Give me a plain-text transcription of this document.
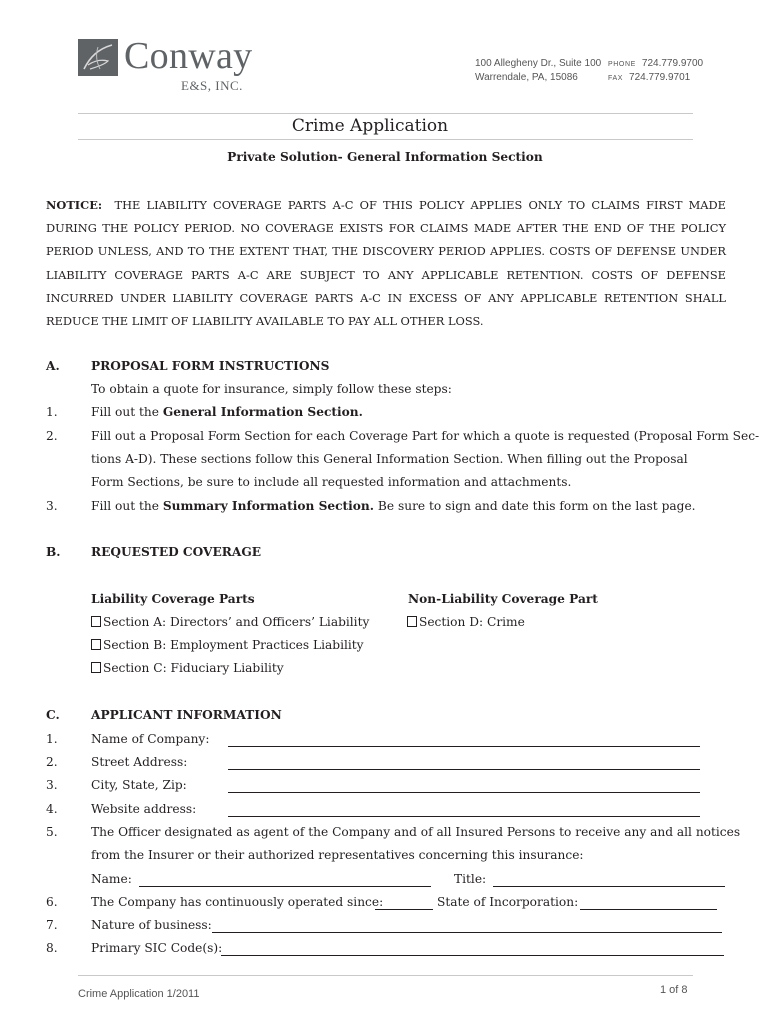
Conway
E&S, INC.
100 Allegheny Dr., Suite 100
Warrendale, PA, 15086
PHONE 724.779.9700
FAX 724.779.9701
Crime Application
Private Solution- General Information Section
NOTICE: THE LIABILITY COVERAGE PARTS A-C OF THIS POLICY APPLIES ONLY TO CLAIMS FIRST MADE DURING THE POLICY PERIOD. NO COVERAGE EXISTS FOR CLAIMS MADE AFTER THE END OF THE POLICY PERIOD UNLESS, AND TO THE EXTENT THAT, THE DISCOVERY PERIOD APPLIES. COSTS OF DEFENSE UNDER LIABILITY COVERAGE PARTS A-C ARE SUBJECT TO ANY APPLICABLE RETENTION. COSTS OF DEFENSE INCURRED UNDER LIABILITY COVERAGE PARTS A-C IN EXCESS OF ANY APPLICABLE RETENTION SHALL REDUCE THE LIMIT OF LIABILITY AVAILABLE TO PAY ALL OTHER LOSS.
A.	PROPOSAL FORM INSTRUCTIONS
To obtain a quote for insurance, simply follow these steps:
1.	Fill out the General Information Section.
2.	Fill out a Proposal Form Section for each Coverage Part for which a quote is requested (Proposal Form Sec-
tions A-D). These sections follow this General Information Section. When filling out the Proposal
Form Sections, be sure to include all requested information and attachments.
3.	Fill out the Summary Information Section. Be sure to sign and date this form on the last page.
B. REQUESTED COVERAGE
Liability Coverage Parts	Non-Liability Coverage Part
Section A: Directors’ and Officers’ Liability	Section D: Crime
Section B: Employment Practices Liability
Section C: Fiduciary Liability
C.	APPLICANT INFORMATION
1.	Name of Company:
2.	Street Address:
3.	City, State, Zip:
4.	Website address:
5.	The Officer designated as agent of the Company and of all Insured Persons to receive any and all notices
from the Insurer or their authorized representatives concerning this insurance:
Name:	Title:
6.	The Company has continuously operated since:	State of Incorporation:
7.	Nature of business:
8.	Primary SIC Code(s):
Crime Application 1/2011	1 of 8
